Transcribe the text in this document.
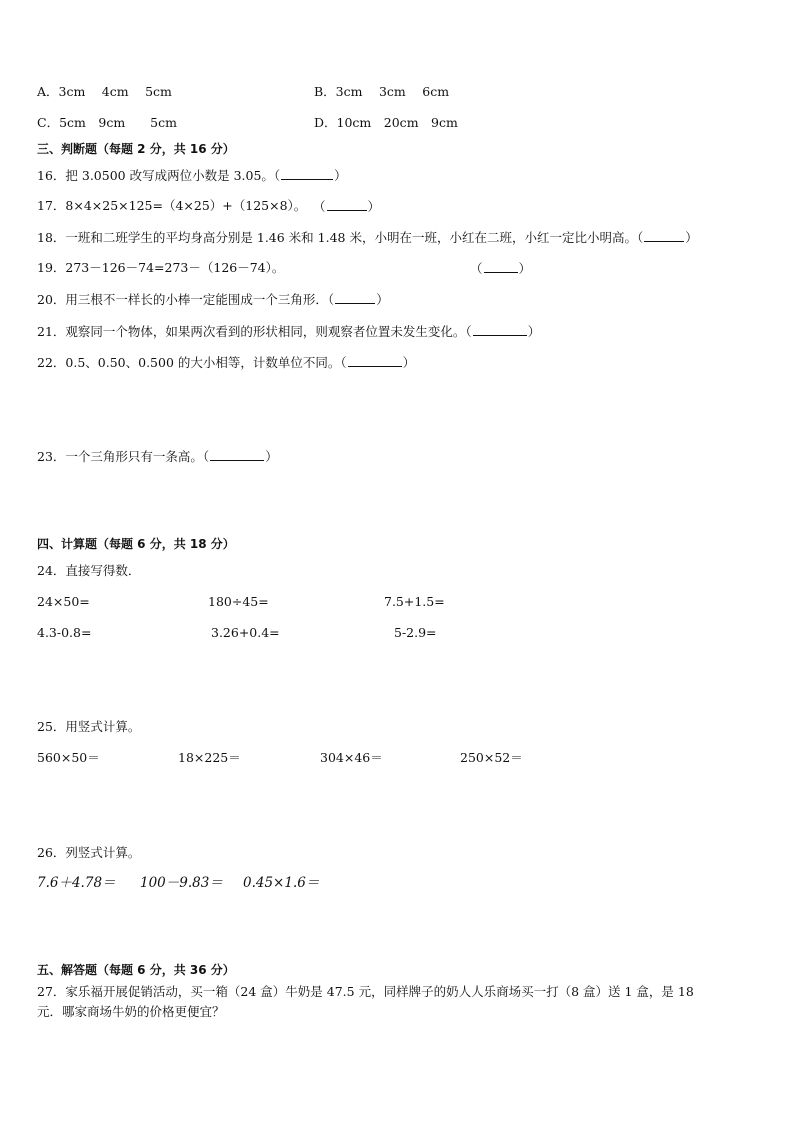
A．3cm　 4cm　 5cm	B．3cm　 3cm　 6cm
C．5cm　9cm　　5cm	D．10cm　20cm　9cm
三、判断题（每题 2 分，共 16 分）
16．把 3.0500 改写成两位小数是 3.05。（	）
17．8×4×25×125=（4×25）+（125×8）。 （	）
18．一班和二班学生的平均身高分别是 1.46 米和 1.48 米，小明在一班，小红在二班，小红一定比小明高。（	）
19．273－126－74=273－（126－74）。	（	）
20．用三根不一样长的小棒一定能围成一个三角形．（	）
21．观察同一个物体，如果两次看到的形状相同，则观察者位置未发生变化。（	）
22．0.5、0.50、0.500 的大小相等，计数单位不同。（	）
23．一个三角形只有一条高。（	）
四、计算题（每题 6 分，共 18 分）
24．直接写得数．
24×50=	180÷45=	7.5+1.5=
4.3-0.8=	3.26+0.4=	5-2.9=
25．用竖式计算。
560×50＝	18×225＝	304×46＝	250×52＝
26．列竖式计算。
7.6＋4.78＝ 100－9.83＝ 0.45×1.6＝
五、解答题（每题 6 分，共 36 分）
27．家乐福开展促销活动，买一箱（24 盒）牛奶是 47.5 元，同样牌子的奶人人乐商场买一打（8 盒）送 1 盒，是 18
元．哪家商场牛奶的价格更便宜？
